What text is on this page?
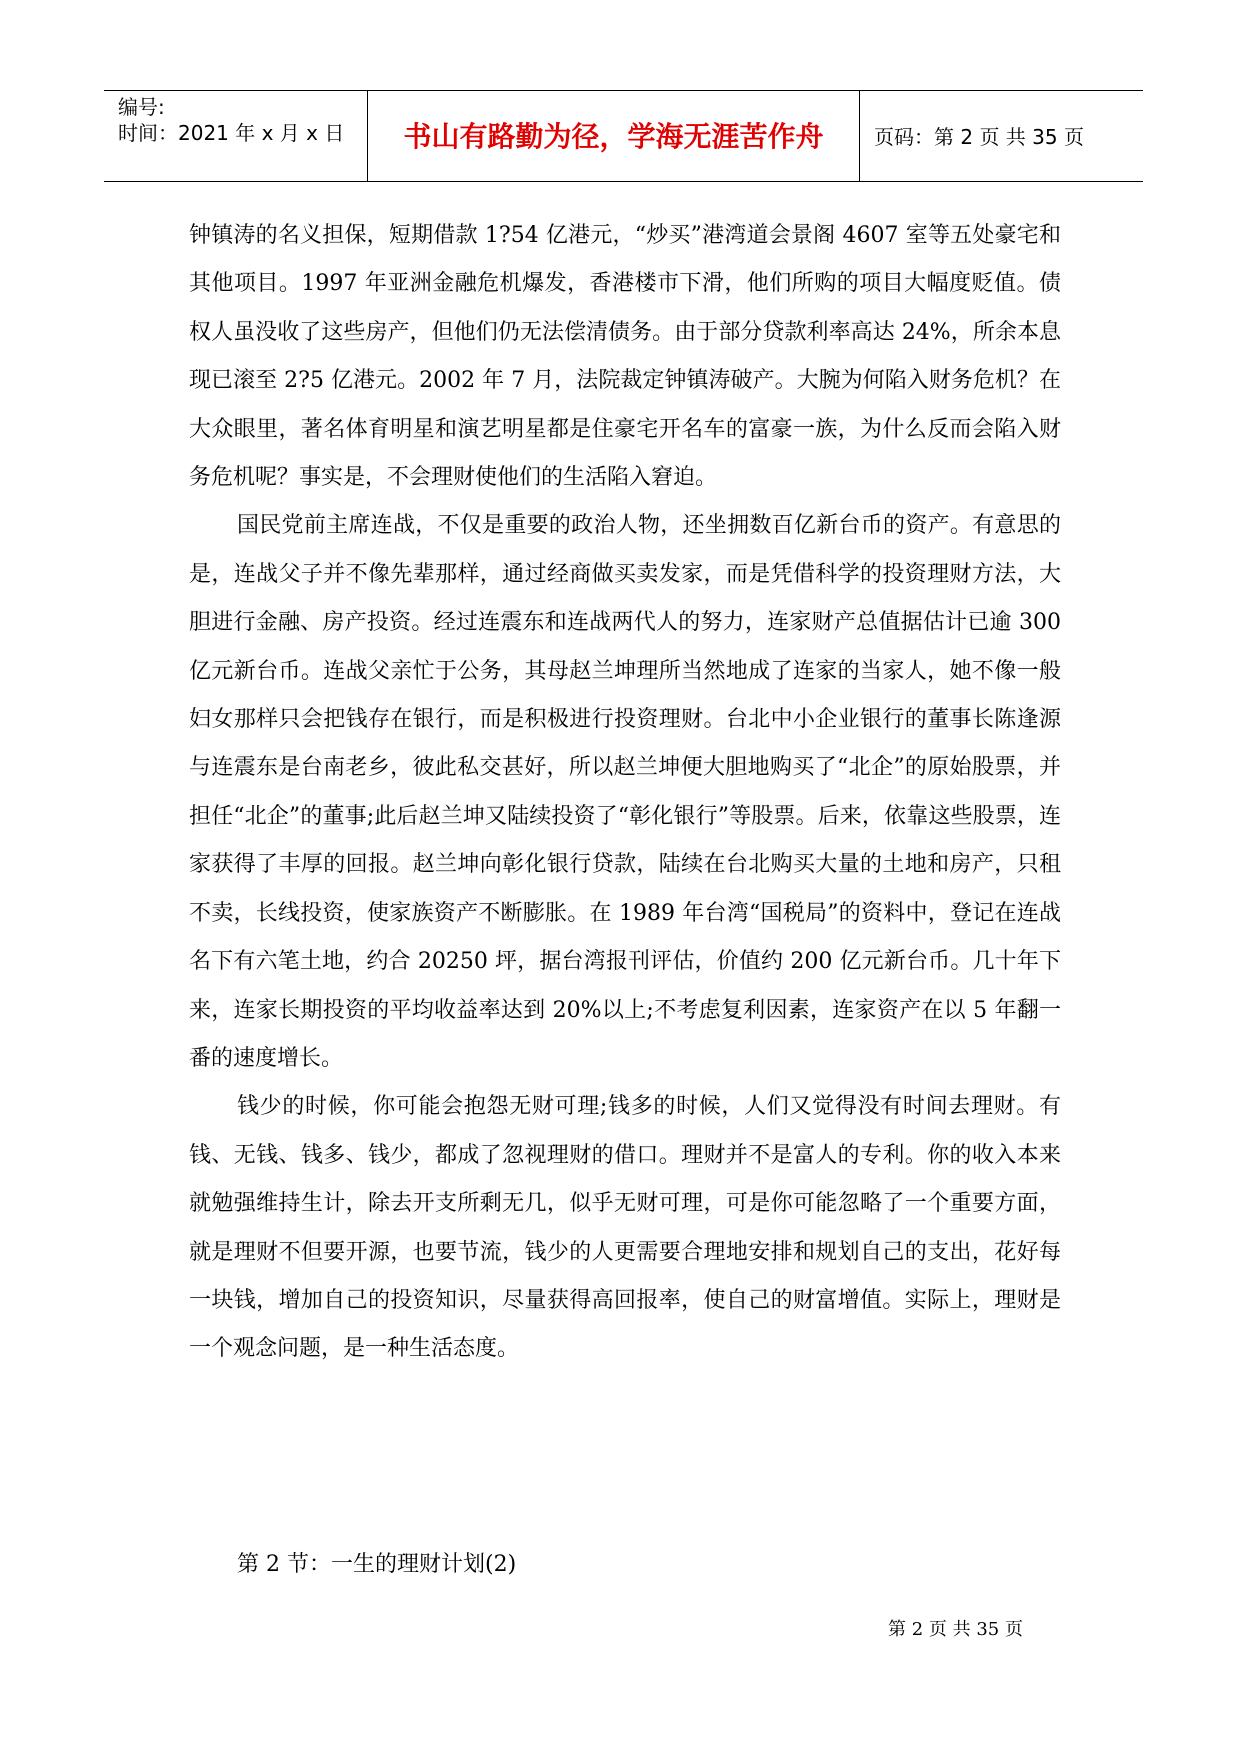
编号:
时间：2021 年 x 月 x 日	书山有路勤为径，学海无涯苦作舟	页码：第 2 页 共 35 页

钟镇涛的名义担保，短期借款 1?54 亿港元，“炒买”港湾道会景阁 4607 室等五处豪宅和其他项目。1997 年亚洲金融危机爆发，香港楼市下滑，他们所购的项目大幅度贬值。债权人虽没收了这些房产，但他们仍无法偿清债务。由于部分贷款利率高达 24%，所余本息现已滚至 2?5 亿港元。2002 年 7 月，法院裁定钟镇涛破产。大腕为何陷入财务危机？在大众眼里，著名体育明星和演艺明星都是住豪宅开名车的富豪一族，为什么反而会陷入财务危机呢？事实是，不会理财使他们的生活陷入窘迫。

国民党前主席连战，不仅是重要的政治人物，还坐拥数百亿新台币的资产。有意思的是，连战父子并不像先辈那样，通过经商做买卖发家，而是凭借科学的投资理财方法，大胆进行金融、房产投资。经过连震东和连战两代人的努力，连家财产总值据估计已逾 300 亿元新台币。连战父亲忙于公务，其母赵兰坤理所当然地成了连家的当家人，她不像一般妇女那样只会把钱存在银行，而是积极进行投资理财。台北中小企业银行的董事长陈逢源与连震东是台南老乡，彼此私交甚好，所以赵兰坤便大胆地购买了“北企”的原始股票，并担任“北企”的董事;此后赵兰坤又陆续投资了“彰化银行”等股票。后来，依靠这些股票，连家获得了丰厚的回报。赵兰坤向彰化银行贷款，陆续在台北购买大量的土地和房产，只租不卖，长线投资，使家族资产不断膨胀。在 1989 年台湾“国税局”的资料中，登记在连战名下有六笔土地，约合 20250 坪，据台湾报刊评估，价值约 200 亿元新台币。几十年下来，连家长期投资的平均收益率达到 20%以上;不考虑复利因素，连家资产在以 5 年翻一番的速度增长。

钱少的时候，你可能会抱怨无财可理;钱多的时候，人们又觉得没有时间去理财。有钱、无钱、钱多、钱少，都成了忽视理财的借口。理财并不是富人的专利。你的收入本来就勉强维持生计，除去开支所剩无几，似乎无财可理，可是你可能忽略了一个重要方面，就是理财不但要开源，也要节流，钱少的人更需要合理地安排和规划自己的支出，花好每一块钱，增加自己的投资知识，尽量获得高回报率，使自己的财富增值。实际上，理财是一个观念问题，是一种生活态度。

第 2 节：一生的理财计划(2)
第 2 页 共 35 页
